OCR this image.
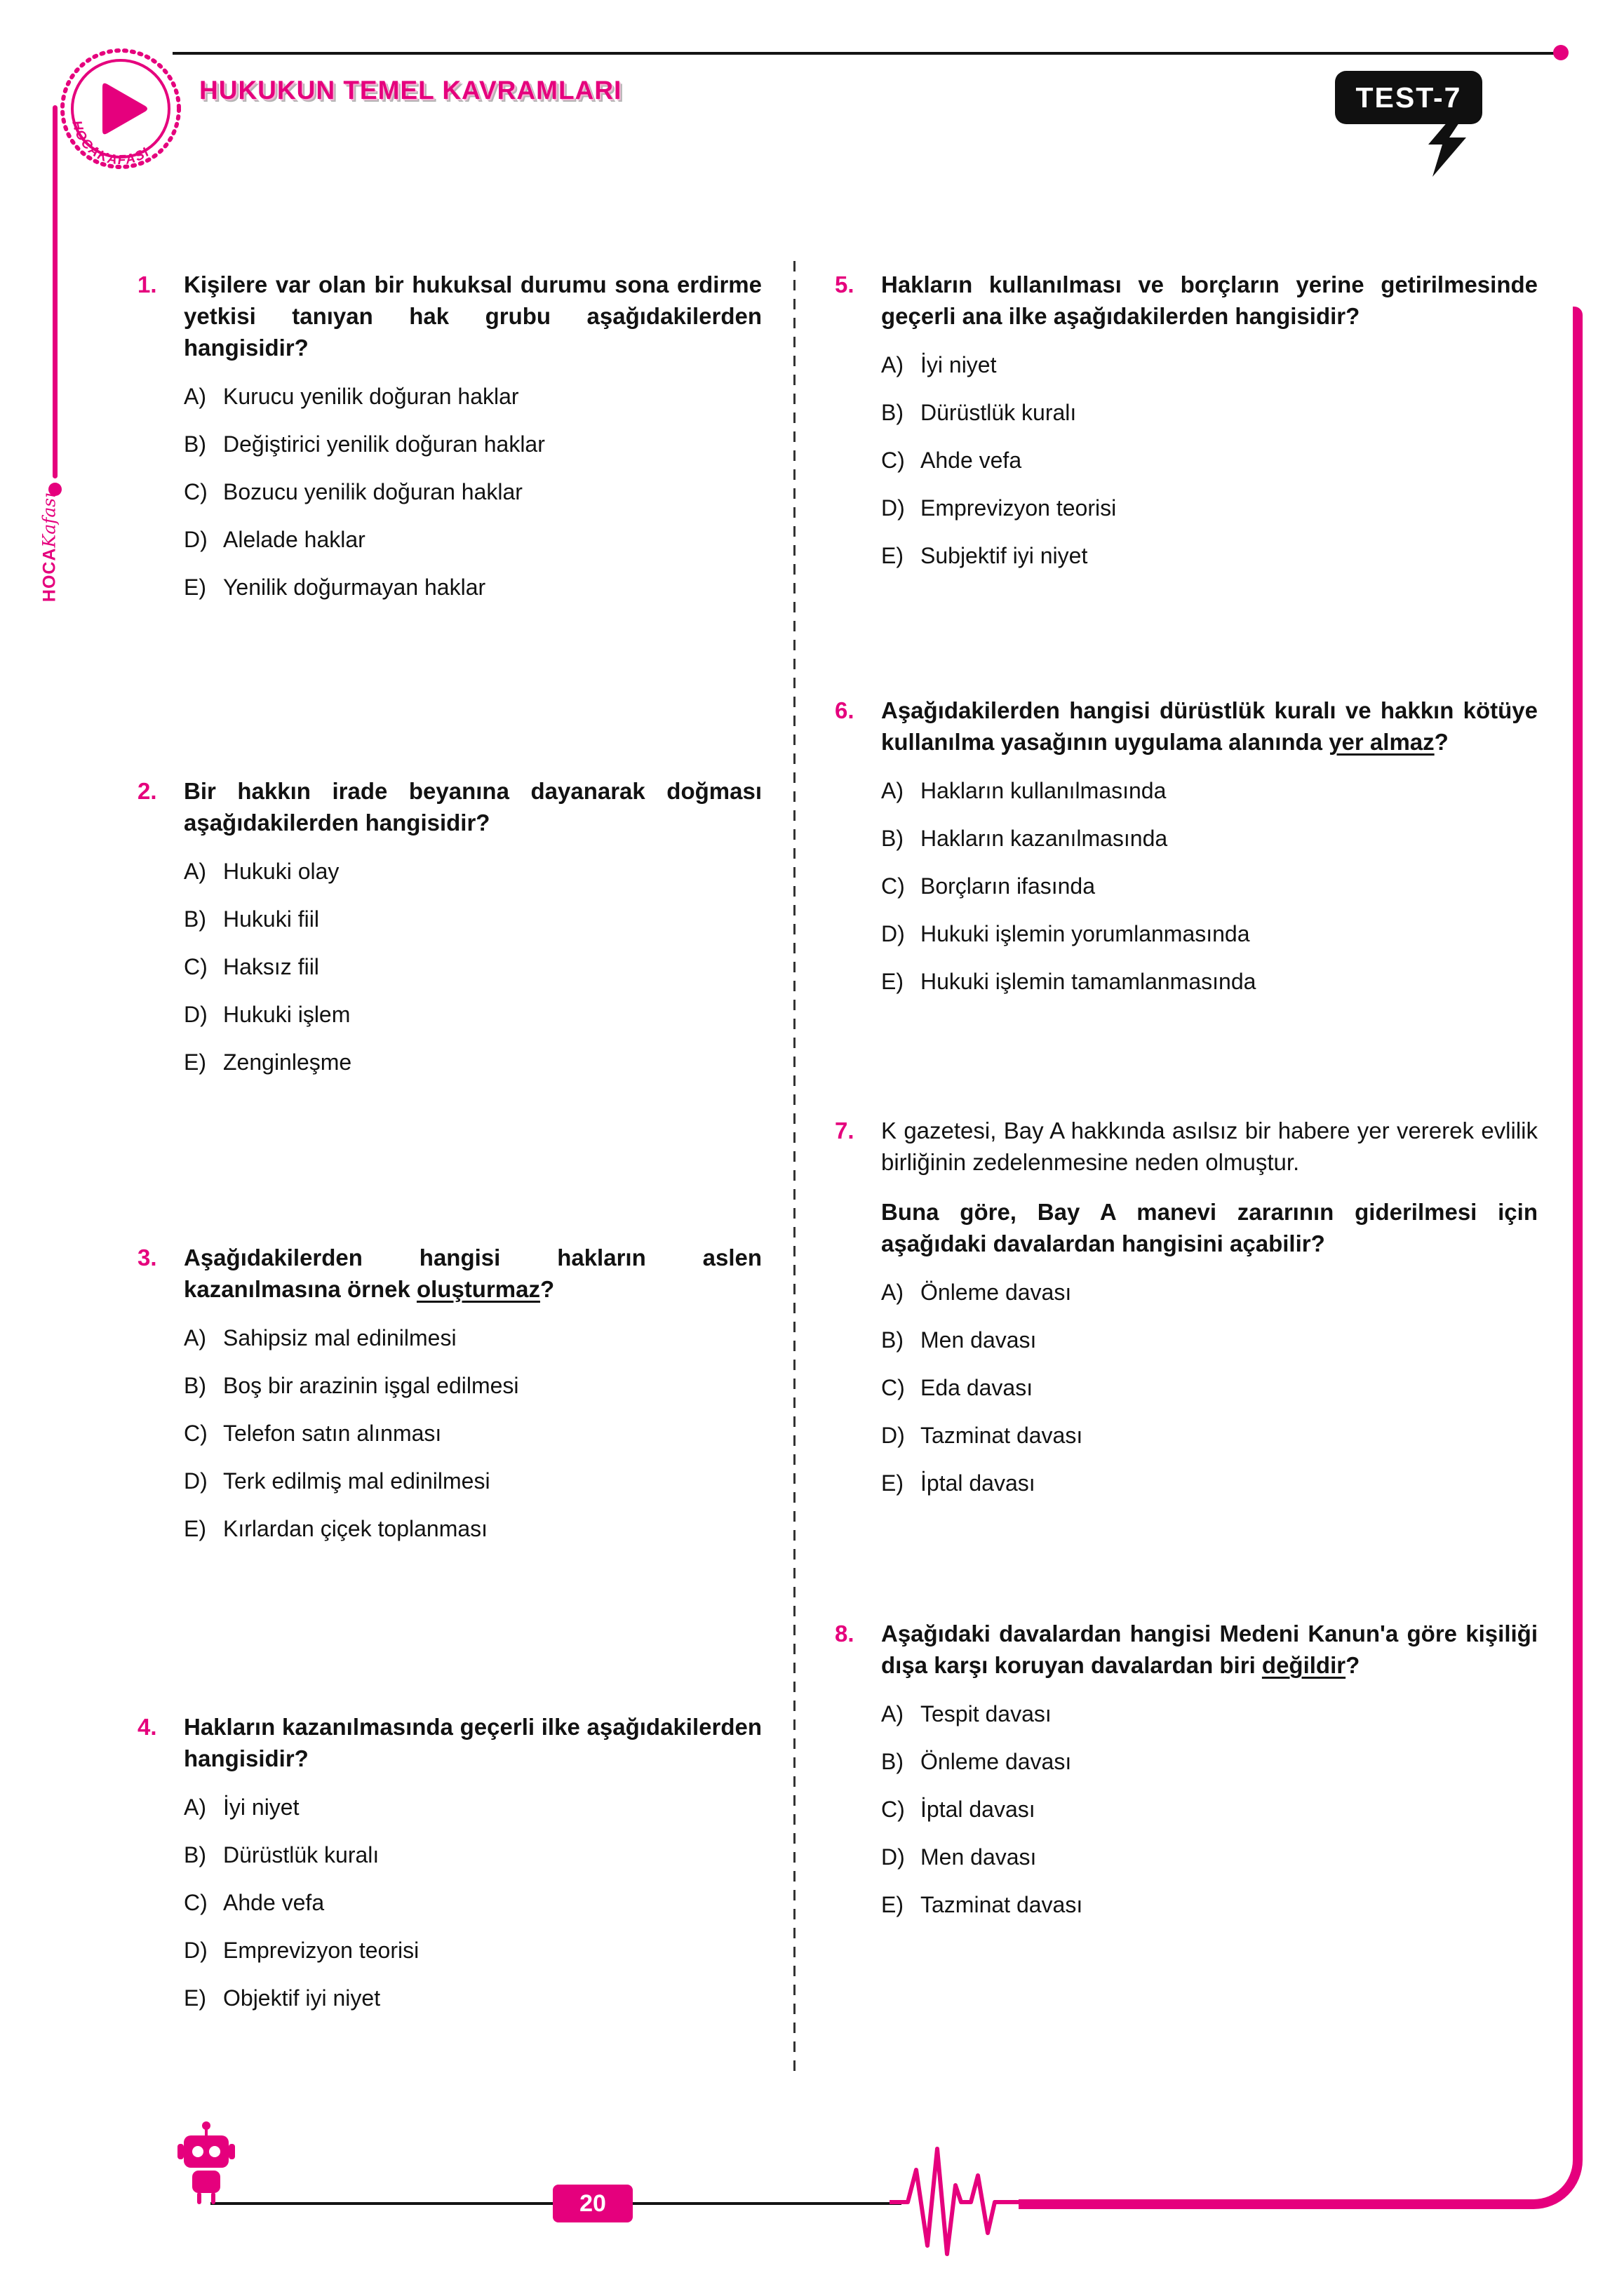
HOCAKAFASI
HUKUKUN TEMEL KAVRAMLARI	TEST-7
HOCAKafası
20
1.	Kişilere var olan bir hukuksal durumu sona erdirme yetkisi tanıyan hak grubu aşağıdakilerden hangisidir?

A) Kurucu yenilik doğuran haklar
B) Değiştirici yenilik doğuran haklar
C) Bozucu yenilik doğuran haklar
D) Alelade haklar
E) Yenilik doğurmayan haklar
2.	Bir hakkın irade beyanına dayanarak doğması aşağıdakilerden hangisidir?

A) Hukuki olay
B) Hukuki fiil
C) Haksız fiil
D) Hukuki işlem
E) Zenginleşme
3.	Aşağıdakilerden hangisi hakların aslen kazanılmasına örnek oluşturmaz?

A) Sahipsiz mal edinilmesi
B) Boş bir arazinin işgal edilmesi
C) Telefon satın alınması
D) Terk edilmiş mal edinilmesi
E) Kırlardan çiçek toplanması
4.	Hakların kazanılmasında geçerli ilke aşağıdakilerden hangisidir?

A) İyi niyet
B) Dürüstlük kuralı
C) Ahde vefa
D) Emprevizyon teorisi
E) Objektif iyi niyet
5.	Hakların kullanılması ve borçların yerine getirilmesinde geçerli ana ilke aşağıdakilerden hangisidir?

A) İyi niyet
B) Dürüstlük kuralı
C) Ahde vefa
D) Emprevizyon teorisi
E) Subjektif iyi niyet
6.	Aşağıdakilerden hangisi dürüstlük kuralı ve hakkın kötüye kullanılma yasağının uygulama alanında yer almaz?

A) Hakların kullanılmasında
B) Hakların kazanılmasında
C) Borçların ifasında
D) Hukuki işlemin yorumlanmasında
E) Hukuki işlemin tamamlanmasında
7.	K gazetesi, Bay A hakkında asılsız bir habere yer vererek evlilik birliğinin zedelenmesine neden olmuştur.

Buna göre, Bay A manevi zararının giderilmesi için aşağıdaki davalardan hangisini açabilir?

A) Önleme davası
B) Men davası
C) Eda davası
D) Tazminat davası
E) İptal davası
8.	Aşağıdaki davalardan hangisi Medeni Kanun'a göre kişiliği dışa karşı koruyan davalardan biri değildir?

A) Tespit davası
B) Önleme davası
C) İptal davası
D) Men davası
E) Tazminat davası
